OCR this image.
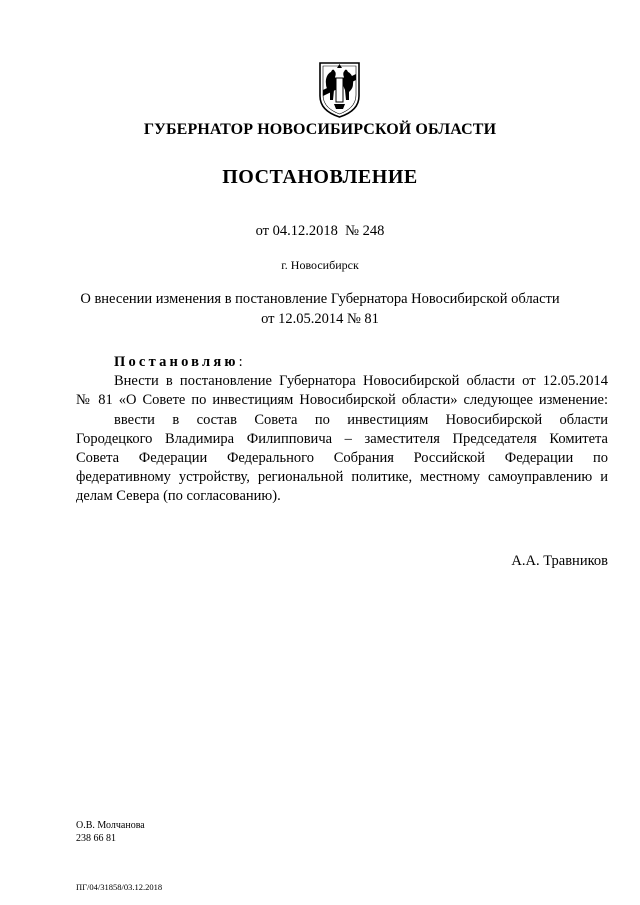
ГУБЕРНАТОР НОВОСИБИРСКОЙ ОБЛАСТИ
ПОСТАНОВЛЕНИЕ
от 04.12.2018  № 248
г. Новосибирск
О внесении изменения в постановление Губернатора Новосибирской области
от 12.05.2014 № 81
Постановляю:
Внести в постановление Губернатора Новосибирской области от 12.05.2014
№ 81 «О Совете по инвестициям Новосибирской области» следующее изменение:
ввести в состав Совета по инвестициям Новосибирской области
Городецкого Владимира Филипповича – заместителя Председателя Комитета
Совета Федерации Федерального Собрания Российской Федерации по
федеративному устройству, региональной политике, местному самоуправлению и
делам Севера (по согласованию).
А.А. Травников
О.В. Молчанова
238 66 81
ПГ/04/31858/03.12.2018
